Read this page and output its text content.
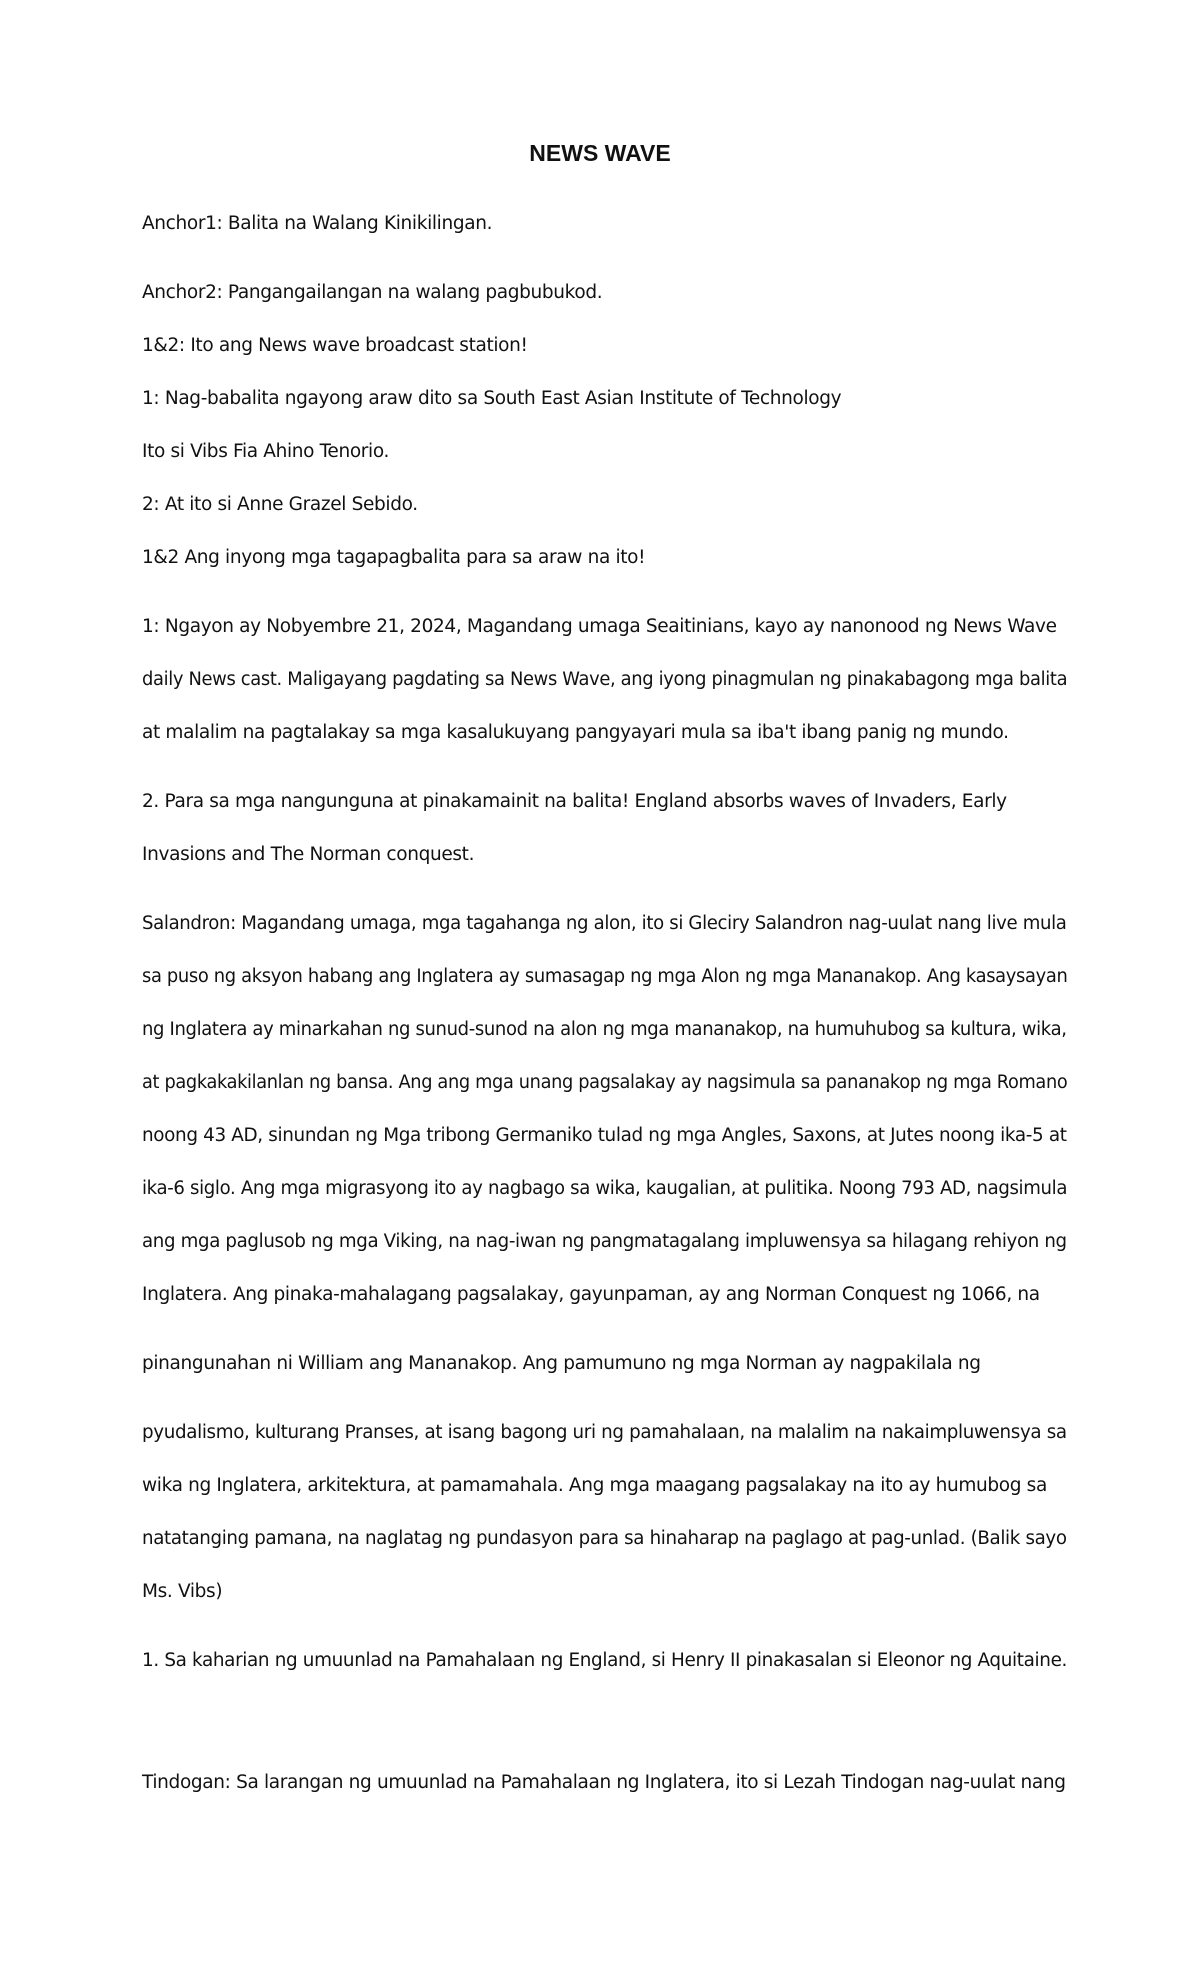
NEWS WAVE

Anchor1: Balita na Walang Kinikilingan.

Anchor2: Pangangailangan na walang pagbubukod.

1&2: Ito ang News wave broadcast station!

1: Nag-babalita ngayong araw dito sa South East Asian Institute of Technology

Ito si Vibs Fia Ahino Tenorio.

2: At ito si Anne Grazel Sebido.

1&2 Ang inyong mga tagapagbalita para sa araw na ito!

1: Ngayon ay Nobyembre 21, 2024, Magandang umaga Seaitinians, kayo ay nanonood ng News Wave

daily News cast. Maligayang pagdating sa News Wave, ang iyong pinagmulan ng pinakabagong mga balita

at malalim na pagtalakay sa mga kasalukuyang pangyayari mula sa iba't ibang panig ng mundo.

2. Para sa mga nangunguna at pinakamainit na balita! England absorbs waves of Invaders, Early

Invasions and The Norman conquest.

Salandron: Magandang umaga, mga tagahanga ng alon, ito si Gleciry Salandron nag-uulat nang live mula

sa puso ng aksyon habang ang Inglatera ay sumasagap ng mga Alon ng mga Mananakop. Ang kasaysayan

ng Inglatera ay minarkahan ng sunud-sunod na alon ng mga mananakop, na humuhubog sa kultura, wika,

at pagkakakilanlan ng bansa. Ang ang mga unang pagsalakay ay nagsimula sa pananakop ng mga Romano

noong 43 AD, sinundan ng Mga tribong Germaniko tulad ng mga Angles, Saxons, at Jutes noong ika-5 at

ika-6 siglo. Ang mga migrasyong ito ay nagbago sa wika, kaugalian, at pulitika. Noong 793 AD, nagsimula

ang mga paglusob ng mga Viking, na nag-iwan ng pangmatagalang impluwensya sa hilagang rehiyon ng

Inglatera. Ang pinaka-mahalagang pagsalakay, gayunpaman, ay ang Norman Conquest ng 1066, na

pinangunahan ni William ang Mananakop. Ang pamumuno ng mga Norman ay nagpakilala ng

pyudalismo, kulturang Pranses, at isang bagong uri ng pamahalaan, na malalim na nakaimpluwensya sa

wika ng Inglatera, arkitektura, at pamamahala. Ang mga maagang pagsalakay na ito ay humubog sa

natatanging pamana, na naglatag ng pundasyon para sa hinaharap na paglago at pag-unlad. (Balik sayo

Ms. Vibs)

1. Sa kaharian ng umuunlad na Pamahalaan ng England, si Henry II pinakasalan si Eleonor ng Aquitaine.

Tindogan: Sa larangan ng umuunlad na Pamahalaan ng Inglatera, ito si Lezah Tindogan nag-uulat nang
